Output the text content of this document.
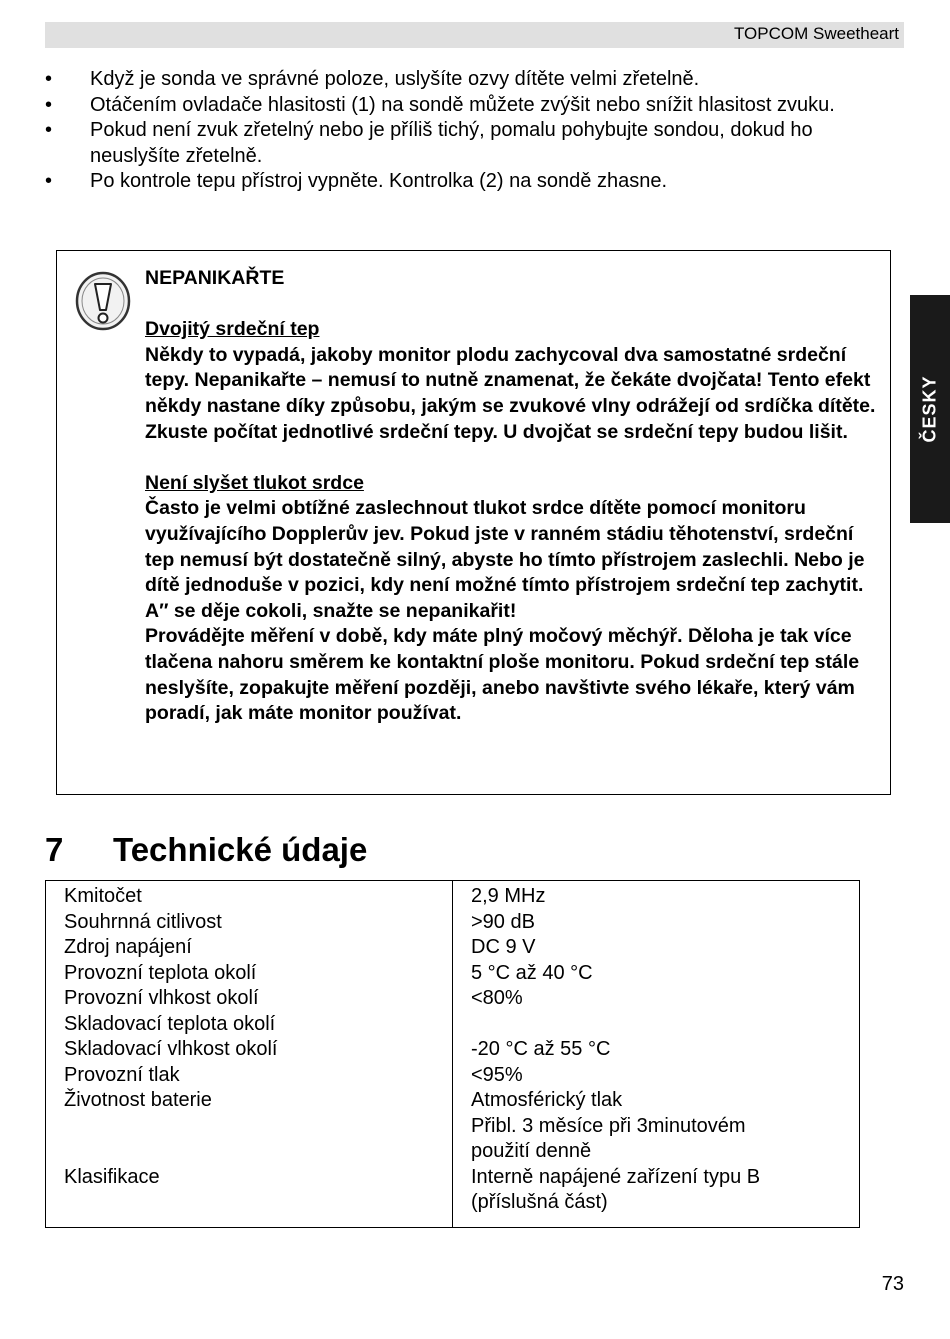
TOPCOM Sweetheart
• Když je sonda ve správné poloze, uslyšíte ozvy dítěte velmi zřetelně.
• Otáčením ovladače hlasitosti (1) na sondě můžete zvýšit nebo snížit hlasitost zvuku.
• Pokud není zvuk zřetelný nebo je příliš tichý, pomalu pohybujte sondou, dokud ho neuslyšíte zřetelně.
• Po kontrole tepu přístroj vypněte. Kontrolka (2) na sondě zhasne.
ČESKY

NEPANIKAŘTE

Dvojitý srdeční tep

Někdy to vypadá, jakoby monitor plodu zachycoval dva samostatné srdeční tepy. Nepanikařte – nemusí to nutně znamenat, že čekáte dvojčata! Tento efekt někdy nastane díky způsobu, jakým se zvukové vlny odrážejí od srdíčka dítěte. Zkuste počítat jednotlivé srdeční tepy. U dvojčat se srdeční tepy budou lišit.

Není slyšet tlukot srdce

Často je velmi obtížné zaslechnout tlukot srdce dítěte pomocí monitoru využívajícího Dopplerův jev. Pokud jste v ranném stádiu těhotenství, srdeční tep nemusí být dostatečně silný, abyste ho tímto přístrojem zaslechli. Nebo je dítě jednoduše v pozici, kdy není možné tímto přístrojem srdeční tep zachytit.

A″ se děje cokoli, snažte se nepanikařit!

Provádějte měření v době, kdy máte plný močový měchýř. Děloha je tak více tlačena nahoru směrem ke kontaktní ploše monitoru. Pokud srdeční tep stále neslyšíte, zopakujte měření později, anebo navštivte svého lékaře, který vám poradí, jak máte monitor používat.

7 Technické údaje
Kmitočet
Souhrnná citlivost
Zdroj napájení
Provozní teplota okolí
Provozní vlhkost okolí
Skladovací teplota okolí
Skladovací vlhkost okolí
Provozní tlak
Životnost baterie
Klasifikace
2,9 MHz
>90 dB
DC 9 V
5 °C až 40 °C
<80%
-20 °C až 55 °C
<95%
Atmosférický tlak
Přibl. 3 měsíce při 3minutovém
použití denně
Interně napájené zařízení typu B
(příslušná část)
73
